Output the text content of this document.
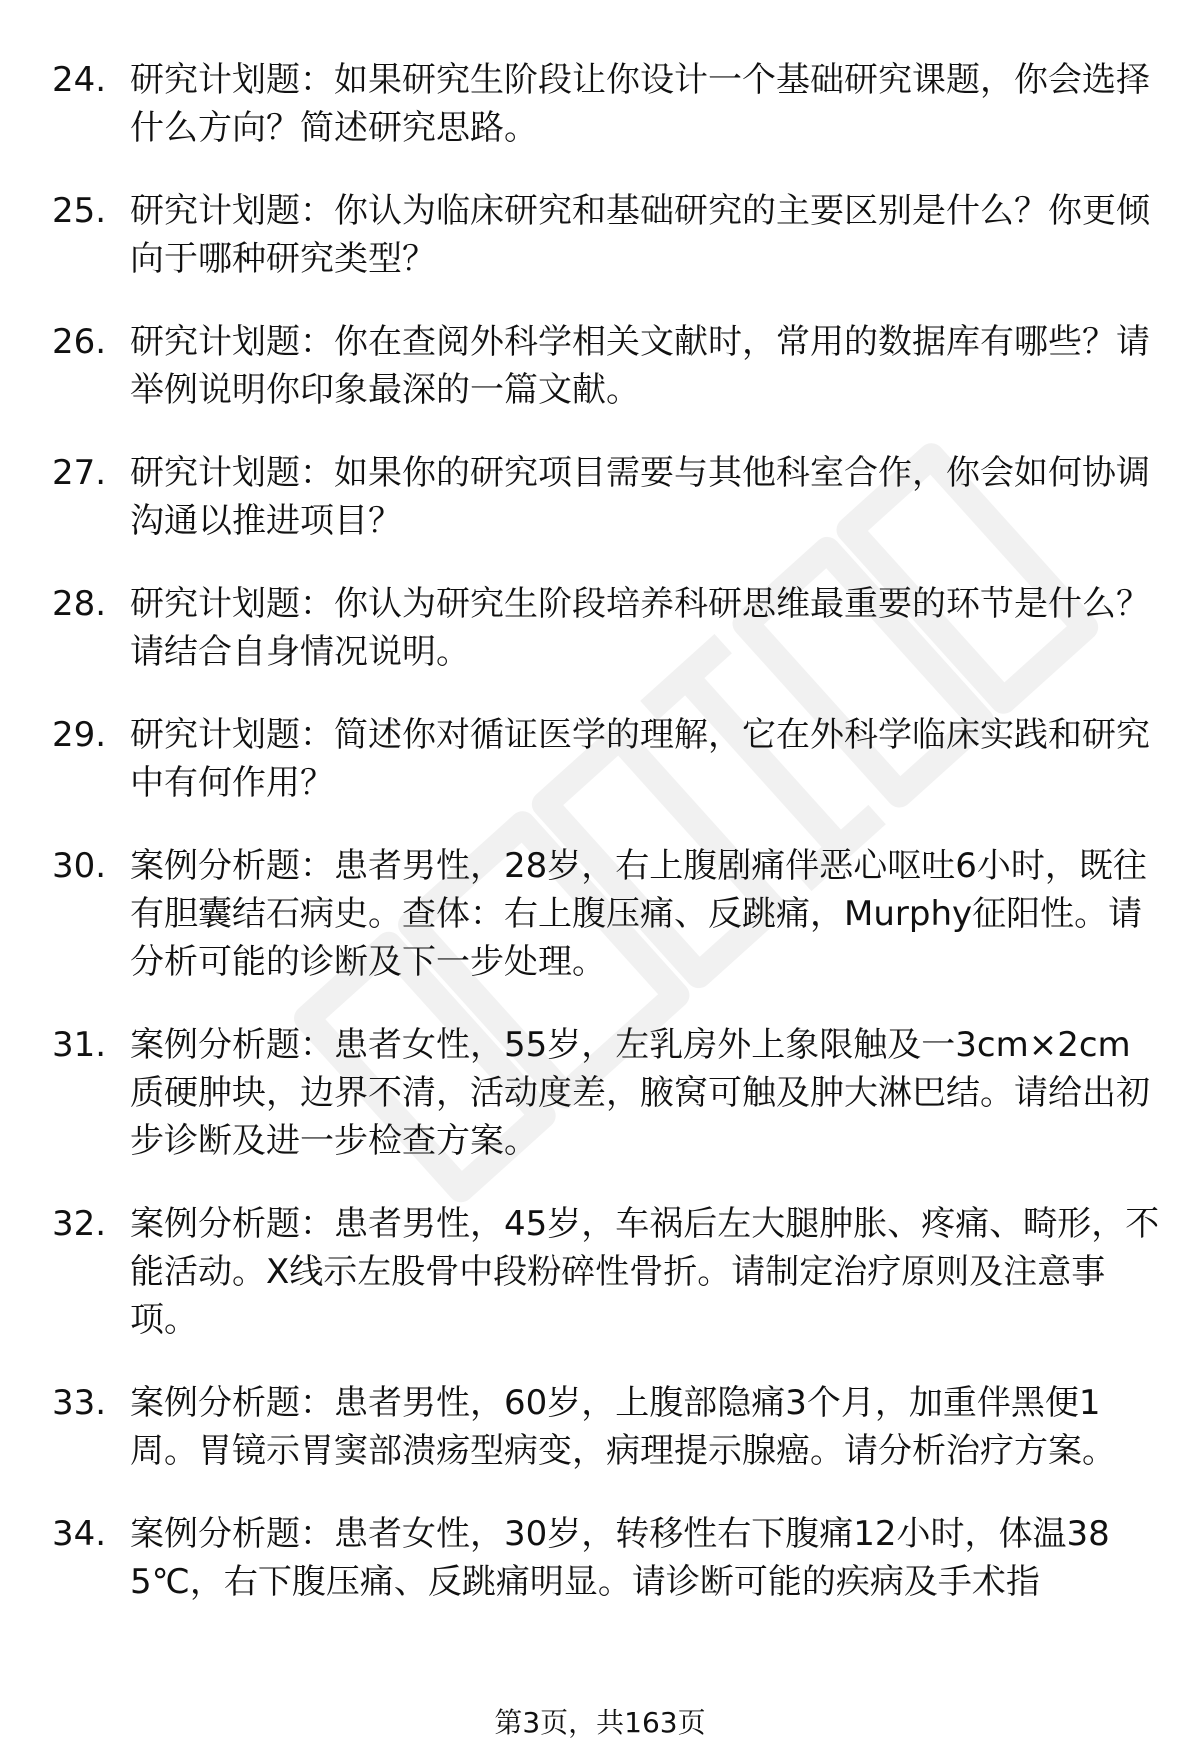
24. 研究计划题：如果研究生阶段让你设计一个基础研究课题，你会选择什么方向？简述研究思路。
25. 研究计划题：你认为临床研究和基础研究的主要区别是什么？你更倾向于哪种研究类型？
26. 研究计划题：你在查阅外科学相关文献时，常用的数据库有哪些？请举例说明你印象最深的一篇文献。
27. 研究计划题：如果你的研究项目需要与其他科室合作，你会如何协调沟通以推进项目？
28. 研究计划题：你认为研究生阶段培养科研思维最重要的环节是什么？请结合自身情况说明。
29. 研究计划题：简述你对循证医学的理解，它在外科学临床实践和研究中有何作用？
30. 案例分析题：患者男性，28岁，右上腹剧痛伴恶心呕吐6小时，既往有胆囊结石病史。查体：右上腹压痛、反跳痛，Murphy征阳性。请分析可能的诊断及下一步处理。
31. 案例分析题：患者女性，55岁，左乳房外上象限触及一3cm×2cm质硬肿块，边界不清，活动度差，腋窝可触及肿大淋巴结。请给出初步诊断及进一步检查方案。
32. 案例分析题：患者男性，45岁，车祸后左大腿肿胀、疼痛、畸形，不能活动。X线示左股骨中段粉碎性骨折。请制定治疗原则及注意事项。
33. 案例分析题：患者男性，60岁，上腹部隐痛3个月，加重伴黑便1周。胃镜示胃窦部溃疡型病变，病理提示腺癌。请分析治疗方案。
34. 案例分析题：患者女性，30岁，转移性右下腹痛12小时，体温385℃，右下腹压痛、反跳痛明显。请诊断可能的疾病及手术指
第3页，共163页
